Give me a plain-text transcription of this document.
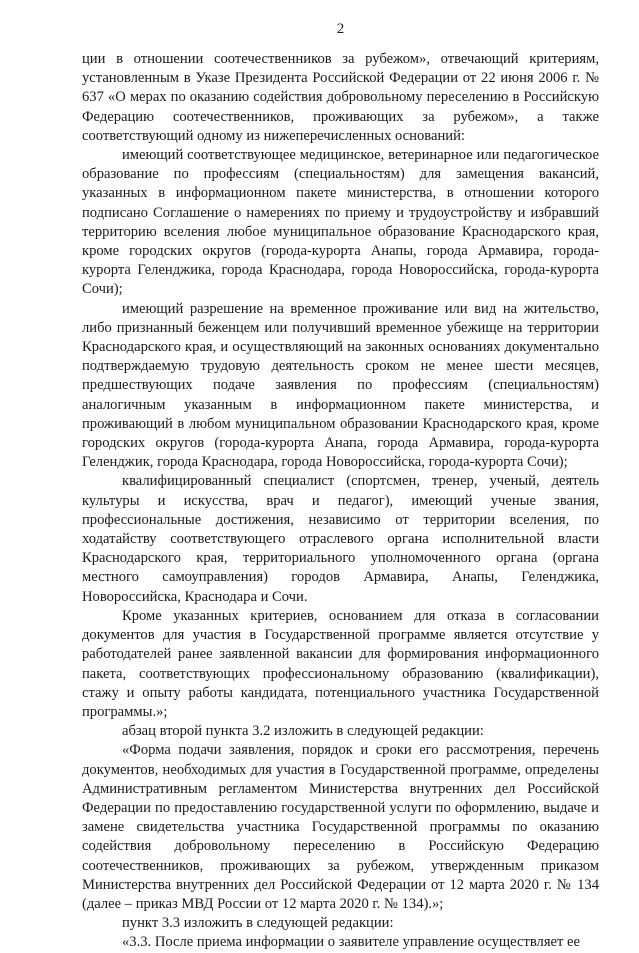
2

ции в отношении соотечественников за рубежом», отвечающий критериям, установленным в Указе Президента Российской Федерации от 22 июня 2006 г. № 637 «О мерах по оказанию содействия добровольному переселению в Российскую Федерацию соотечественников, проживающих за рубежом», а также соответствующий одному из нижеперечисленных оснований:

имеющий соответствующее медицинское, ветеринарное или педагогическое образование по профессиям (специальностям) для замещения вакансий, указанных в информационном пакете министерства, в отношении которого подписано Соглашение о намерениях по приему и трудоустройству и избравший территорию вселения любое муниципальное образование Краснодарского края, кроме городских округов (города-курорта Анапы, города Армавира, города-курорта Геленджика, города Краснодара, города Новороссийска, города-курорта Сочи);

имеющий разрешение на временное проживание или вид на жительство, либо признанный беженцем или получивший временное убежище на территории Краснодарского края, и осуществляющий на законных основаниях документально подтверждаемую трудовую деятельность сроком не менее шести месяцев, предшествующих подаче заявления по профессиям (специальностям) аналогичным указанным в информационном пакете министерства, и проживающий в любом муниципальном образовании Краснодарского края, кроме городских округов (города-курорта Анапа, города Армавира, города-курорта Геленджик, города Краснодара, города Новороссийска, города-курорта Сочи);

квалифицированный специалист (спортсмен, тренер, ученый, деятель культуры и искусства, врач и педагог), имеющий ученые звания, профессиональные достижения, независимо от территории вселения, по ходатайству соответствующего отраслевого органа исполнительной власти Краснодарского края, территориального уполномоченного органа (органа местного самоуправления) городов Армавира, Анапы, Геленджика, Новороссийска, Краснодара и Сочи.

Кроме указанных критериев, основанием для отказа в согласовании документов для участия в Государственной программе является отсутствие у работодателей ранее заявленной вакансии для формирования информационного пакета, соответствующих профессиональному образованию (квалификации), стажу и опыту работы кандидата, потенциального участника Государственной программы.»;

абзац второй пункта 3.2 изложить в следующей редакции:

«Форма подачи заявления, порядок и сроки его рассмотрения, перечень документов, необходимых для участия в Государственной программе, определены Административным регламентом Министерства внутренних дел Российской Федерации по предоставлению государственной услуги по оформлению, выдаче и замене свидетельства участника Государственной программы по оказанию содействия добровольному переселению в Российскую Федерацию соотечественников, проживающих за рубежом, утвержденным приказом Министерства внутренних дел Российской Федерации от 12 марта 2020 г. № 134 (далее – приказ МВД России от 12 марта 2020 г. № 134).»;

пункт 3.3 изложить в следующей редакции:

«3.3. После приема информации о заявителе управление осуществляет ее
